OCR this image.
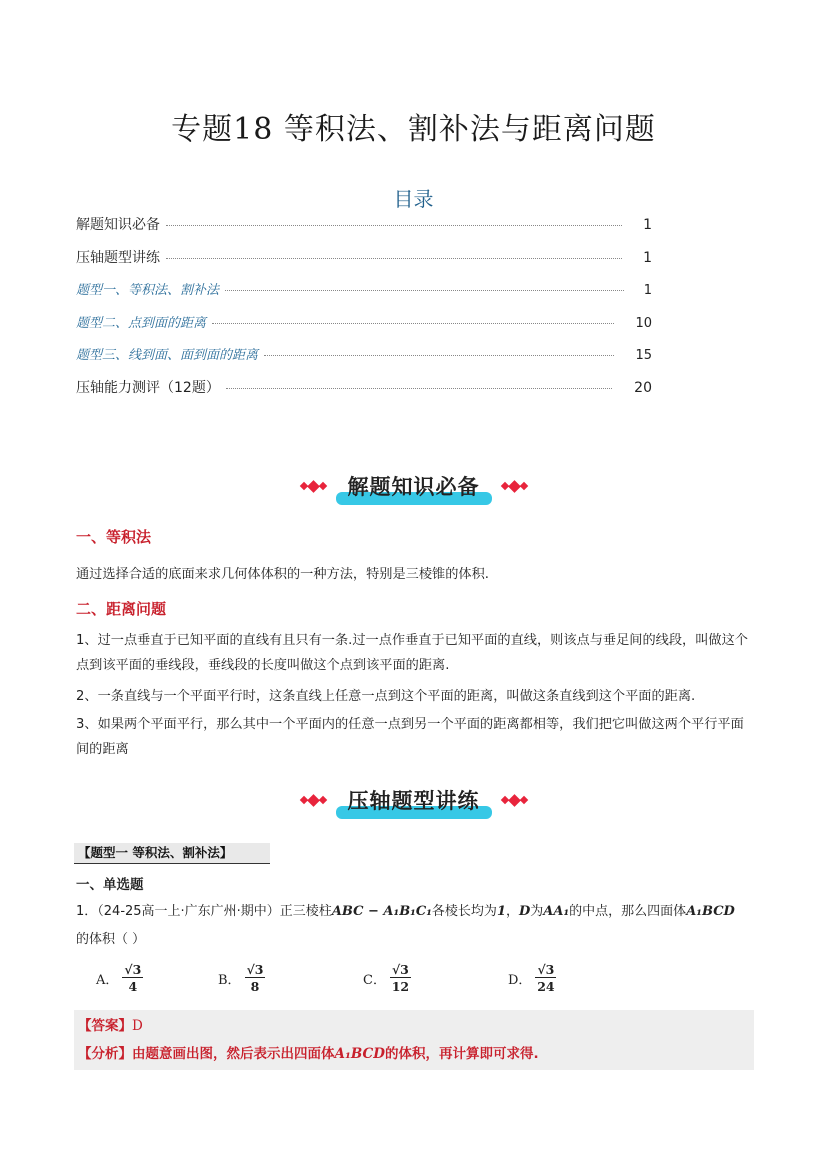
专题18 等积法、割补法与距离问题
目录
解题知识必备	1
压轴题型讲练	1
题型一、等积法、割补法	1
题型二、点到面的距离	10
题型三、线到面、面到面的距离	15
压轴能力测评（12题）	20
解题知识必备
一、等积法
通过选择合适的底面来求几何体体积的一种方法，特别是三棱锥的体积.
二、距离问题
1、过一点垂直于已知平面的直线有且只有一条.过一点作垂直于已知平面的直线，则该点与垂足间的线段，叫做这个点到该平面的垂线段，垂线段的长度叫做这个点到该平面的距离.
2、一条直线与一个平面平行时，这条直线上任意一点到这个平面的距离，叫做这条直线到这个平面的距离.
3、如果两个平面平行，那么其中一个平面内的任意一点到另一个平面的距离都相等，我们把它叫做这两个平行平面间的距离
压轴题型讲练
【题型一 等积法、割补法】
一、单选题
1．（24-25高一上·广东广州·期中）正三棱柱ABC − A₁B₁C₁各棱长均为1，D为AA₁的中点，那么四面体A₁BCD
的体积（ ）
A． $\frac{√3}{4}$	B． $\frac{√3}{8}$	C． $\frac{√3}{12}$	D． $\frac{√3}{24}$
【答案】D
【分析】由题意画出图，然后表示出四面体A₁BCD的体积，再计算即可求得.
